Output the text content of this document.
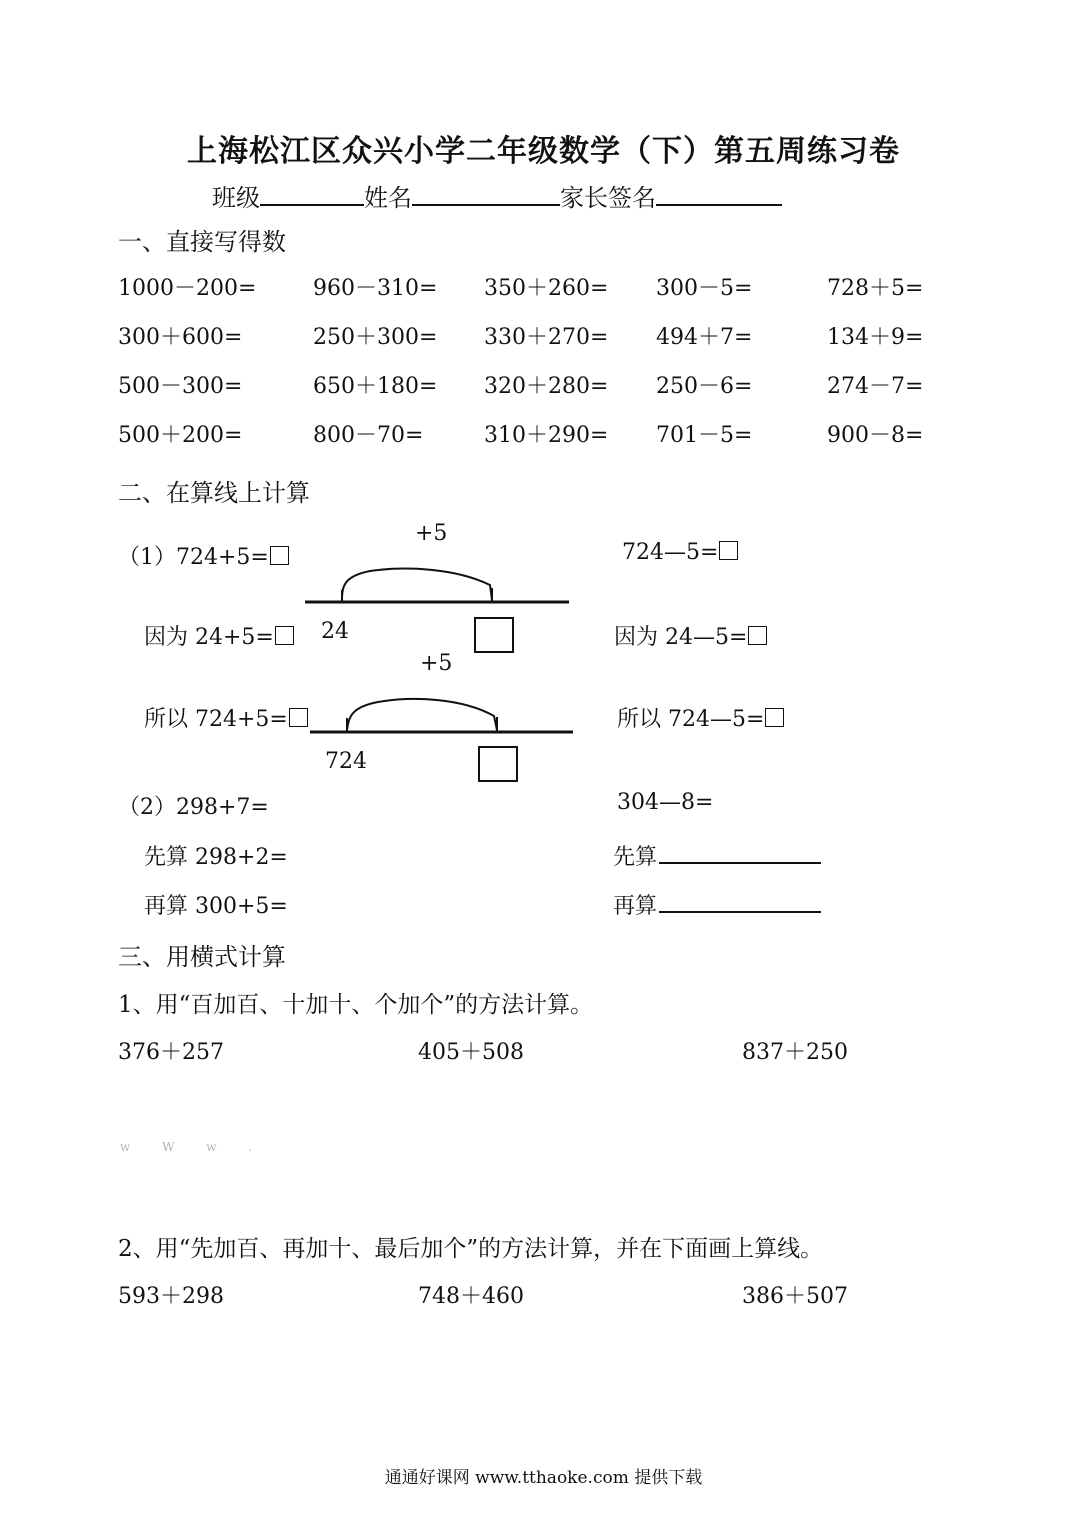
上海松江区众兴小学二年级数学（下）第五周练习卷
班级	姓名	家长签名
一、直接写得数
1000－200=	960－310= 350＋260= 300－5=	728＋5=
300＋600=	250＋300= 330＋270= 494＋7=	134＋9=
500－300=	650＋180= 320＋280= 250－6=	274－7=
500＋200=	800－70=	310＋290= 701－5=	900－8=
二、在算线上计算
+5
24
+5
724
（1）724+5=	724—5=
因为 24+5=	因为 24—5=
所以 724+5=	所以 724—5=
（2）298+7=	304—8=
先算 298+2=	先算
再算 300+5=	再算
三、用横式计算
1、用“百加百、十加十、个加个”的方法计算。
376＋257	405＋508	837＋250
w W w .
2、用“先加百、再加十、最后加个”的方法计算，并在下面画上算线。
593＋298	748＋460	386＋507
通通好课网 www.tthaoke.com 提供下载
